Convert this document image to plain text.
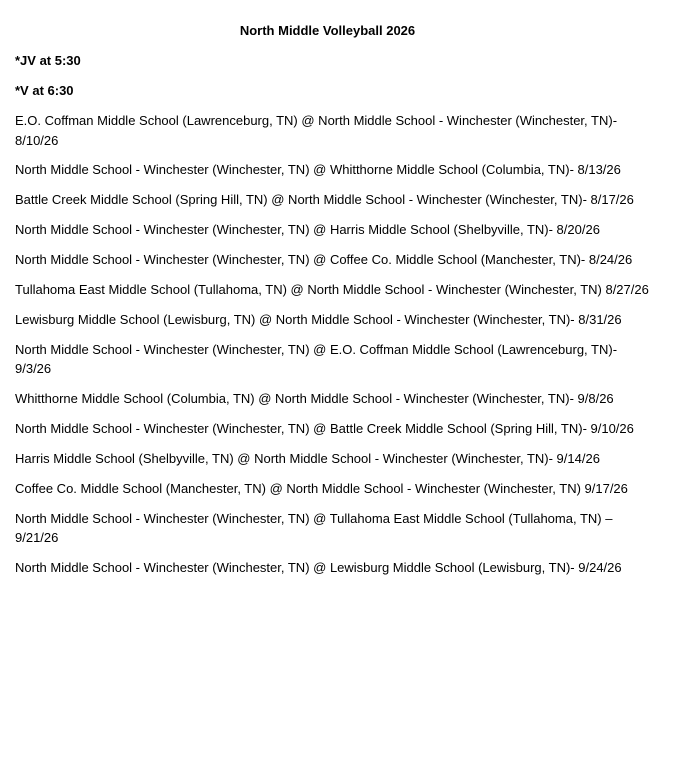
North Middle Volleyball 2026
*JV at 5:30
*V at 6:30
E.O. Coffman Middle School (Lawrenceburg, TN) @ North Middle School - Winchester (Winchester, TN)- 8/10/26
North Middle School - Winchester (Winchester, TN) @ Whitthorne Middle School (Columbia, TN)- 8/13/26
Battle Creek Middle School (Spring Hill, TN) @ North Middle School - Winchester (Winchester, TN)- 8/17/26
North Middle School - Winchester (Winchester, TN) @ Harris Middle School (Shelbyville, TN)- 8/20/26
North Middle School - Winchester (Winchester, TN) @ Coffee Co. Middle School (Manchester, TN)- 8/24/26
Tullahoma East Middle School (Tullahoma, TN) @ North Middle School - Winchester (Winchester, TN) 8/27/26
Lewisburg Middle School (Lewisburg, TN) @ North Middle School - Winchester (Winchester, TN)- 8/31/26
North Middle School - Winchester (Winchester, TN) @ E.O. Coffman Middle School (Lawrenceburg, TN)- 9/3/26
Whitthorne Middle School (Columbia, TN) @ North Middle School - Winchester (Winchester, TN)- 9/8/26
North Middle School - Winchester (Winchester, TN) @ Battle Creek Middle School (Spring Hill, TN)- 9/10/26
Harris Middle School (Shelbyville, TN) @ North Middle School - Winchester (Winchester, TN)- 9/14/26
Coffee Co. Middle School (Manchester, TN) @ North Middle School - Winchester (Winchester, TN) 9/17/26
North Middle School - Winchester (Winchester, TN) @ Tullahoma East Middle School (Tullahoma, TN) – 9/21/26
North Middle School - Winchester (Winchester, TN) @ Lewisburg Middle School (Lewisburg, TN)- 9/24/26
